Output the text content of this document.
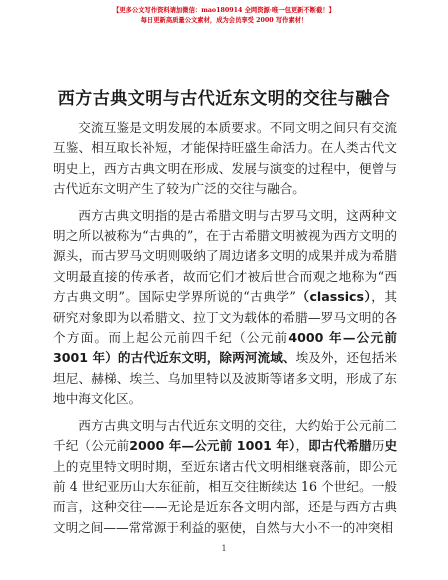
【更多公文写作资料请加微信：mao180914 全网资源·唯一包更新不断截！】
每日更新高质量公文素材，成为会员享受 2000 写作素材！
西方古典文明与古代近东文明的交往与融合

交流互鉴是文明发展的本质要求。不同文明之间只有交流互鉴、相互取长补短，才能保持旺盛生命活力。在人类古代文明史上，西方古典文明在形成、发展与演变的过程中，便曾与古代近东文明产生了较为广泛的交往与融合。

西方古典文明指的是古希腊文明与古罗马文明，这两种文明之所以被称为“古典的”，在于古希腊文明被视为西方文明的源头，而古罗马文明则吸纳了周边诸多文明的成果并成为希腊文明最直接的传承者，故而它们才被后世合而观之地称为“西方古典文明”。国际史学界所说的“古典学”（classics），其研究对象即为以希腊文、拉丁文为载体的希腊—罗马文明的各个方面。而上起公元前四千纪（公元前4000 年—公元前 3001 年）的古代近东文明，除两河流域、埃及外，还包括米坦尼、赫梯、埃兰、乌加里特以及波斯等诸多文明，形成了东地中海文化区。

西方古典文明与古代近东文明的交往，大约始于公元前二千纪（公元前2000 年—公元前 1001 年），即古代希腊历史上的克里特文明时期，至近东诸古代文明相继衰落前，即公元前 4 世纪亚历山大东征前，相互交往断续达 16 个世纪。一般而言，这种交往——无论是近东各文明内部，还是与西方古典文明之间——常常源于利益的驱使，自然与大小不一的冲突相

1
